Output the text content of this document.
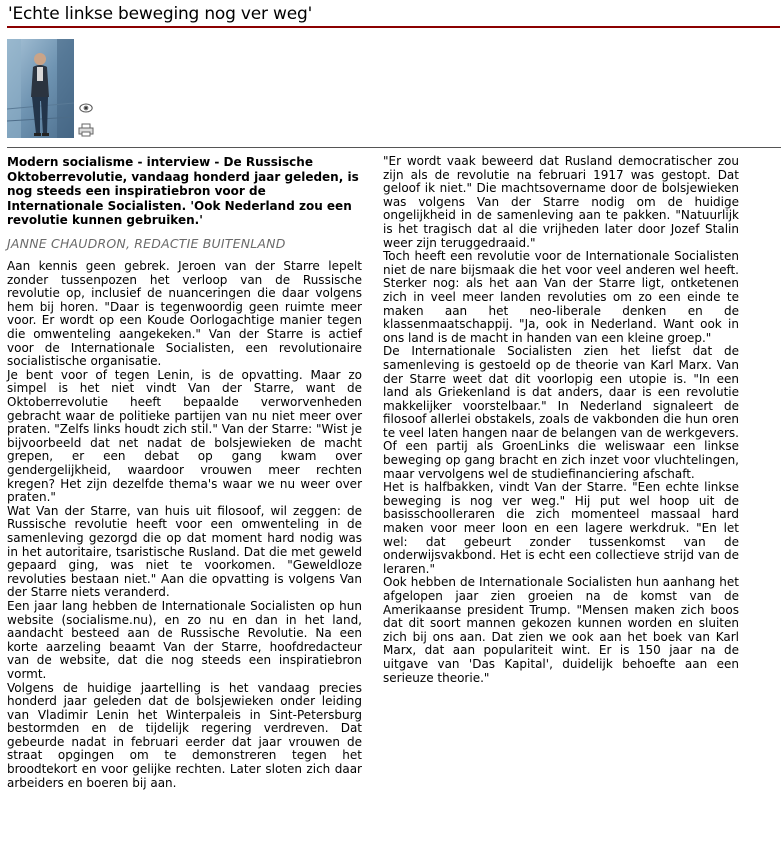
'Echte linkse beweging nog ver weg'

Modern socialisme - interview - De Russische Oktoberrevolutie, vandaag honderd jaar geleden, is nog steeds een inspiratiebron voor de Internationale Socialisten. 'Ook Nederland zou een revolutie kunnen gebruiken.'

JANNE CHAUDRON, REDACTIE BUITENLAND

Aan kennis geen gebrek. Jeroen van der Starre lepelt zonder tussenpozen het verloop van de Russische revolutie op, inclusief de nuanceringen die daar volgens hem bij horen. "Daar is tegenwoordig geen ruimte meer voor. Er wordt op een Koude Oorlogachtige manier tegen die omwenteling aangekeken." Van der Starre is actief voor de Internationale Socialisten, een revolutionaire socialistische organisatie.

Je bent voor of tegen Lenin, is de opvatting. Maar zo simpel is het niet vindt Van der Starre, want de Oktoberrevolutie heeft bepaalde verworvenheden gebracht waar de politieke partijen van nu niet meer over praten. "Zelfs links houdt zich stil." Van der Starre: "Wist je bijvoorbeeld dat net nadat de bolsjewieken de macht grepen, er een debat op gang kwam over gendergelijkheid, waardoor vrouwen meer rechten kregen? Het zijn dezelfde thema's waar we nu weer over praten."

Wat Van der Starre, van huis uit filosoof, wil zeggen: de Russische revolutie heeft voor een omwenteling in de samenleving gezorgd die op dat moment hard nodig was in het autoritaire, tsaristische Rusland. Dat die met geweld gepaard ging, was niet te voorkomen. "Geweldloze revoluties bestaan niet." Aan die opvatting is volgens Van der Starre niets veranderd.

Een jaar lang hebben de Internationale Socialisten op hun website (socialisme.nu), en zo nu en dan in het land, aandacht besteed aan de Russische Revolutie. Na een korte aarzeling beaamt Van der Starre, hoofdredacteur van de website, dat die nog steeds een inspiratiebron vormt.

Volgens de huidige jaartelling is het vandaag precies honderd jaar geleden dat de bolsjewieken onder leiding van Vladimir Lenin het Winterpaleis in Sint-Petersburg bestormden en de tijdelijk regering verdreven. Dat gebeurde nadat in februari eerder dat jaar vrouwen de straat opgingen om te demonstreren tegen het broodtekort en voor gelijke rechten. Later sloten zich daar arbeiders en boeren bij aan.

"Er wordt vaak beweerd dat Rusland democratischer zou zijn als de revolutie na februari 1917 was gestopt. Dat geloof ik niet." Die machtsovername door de bolsjewieken was volgens Van der Starre nodig om de huidige ongelijkheid in de samenleving aan te pakken. "Natuurlijk is het tragisch dat al die vrijheden later door Jozef Stalin weer zijn teruggedraaid."

Toch heeft een revolutie voor de Internationale Socialisten niet de nare bijsmaak die het voor veel anderen wel heeft. Sterker nog: als het aan Van der Starre ligt, ontketenen zich in veel meer landen revoluties om zo een einde te maken aan het neo-liberale denken en de klassenmaatschappij. "Ja, ook in Nederland. Want ook in ons land is de macht in handen van een kleine groep."

De Internationale Socialisten zien het liefst dat de samenleving is gestoeld op de theorie van Karl Marx. Van der Starre weet dat dit voorlopig een utopie is. "In een land als Griekenland is dat anders, daar is een revolutie makkelijker voorstelbaar." In Nederland signaleert de filosoof allerlei obstakels, zoals de vakbonden die hun oren te veel laten hangen naar de belangen van de werkgevers. Of een partij als GroenLinks die weliswaar een linkse beweging op gang bracht en zich inzet voor vluchtelingen, maar vervolgens wel de studiefinanciering afschaft.

Het is halfbakken, vindt Van der Starre. "Een echte linkse beweging is nog ver weg." Hij put wel hoop uit de basisschoolleraren die zich momenteel massaal hard maken voor meer loon en een lagere werkdruk. "En let wel: dat gebeurt zonder tussenkomst van de onderwijsvakbond. Het is echt een collectieve strijd van de leraren."

Ook hebben de Internationale Socialisten hun aanhang het afgelopen jaar zien groeien na de komst van de Amerikaanse president Trump. "Mensen maken zich boos dat dit soort mannen gekozen kunnen worden en sluiten zich bij ons aan. Dat zien we ook aan het boek van Karl Marx, dat aan populariteit wint. Er is 150 jaar na de uitgave van 'Das Kapital', duidelijk behoefte aan een serieuze theorie."
